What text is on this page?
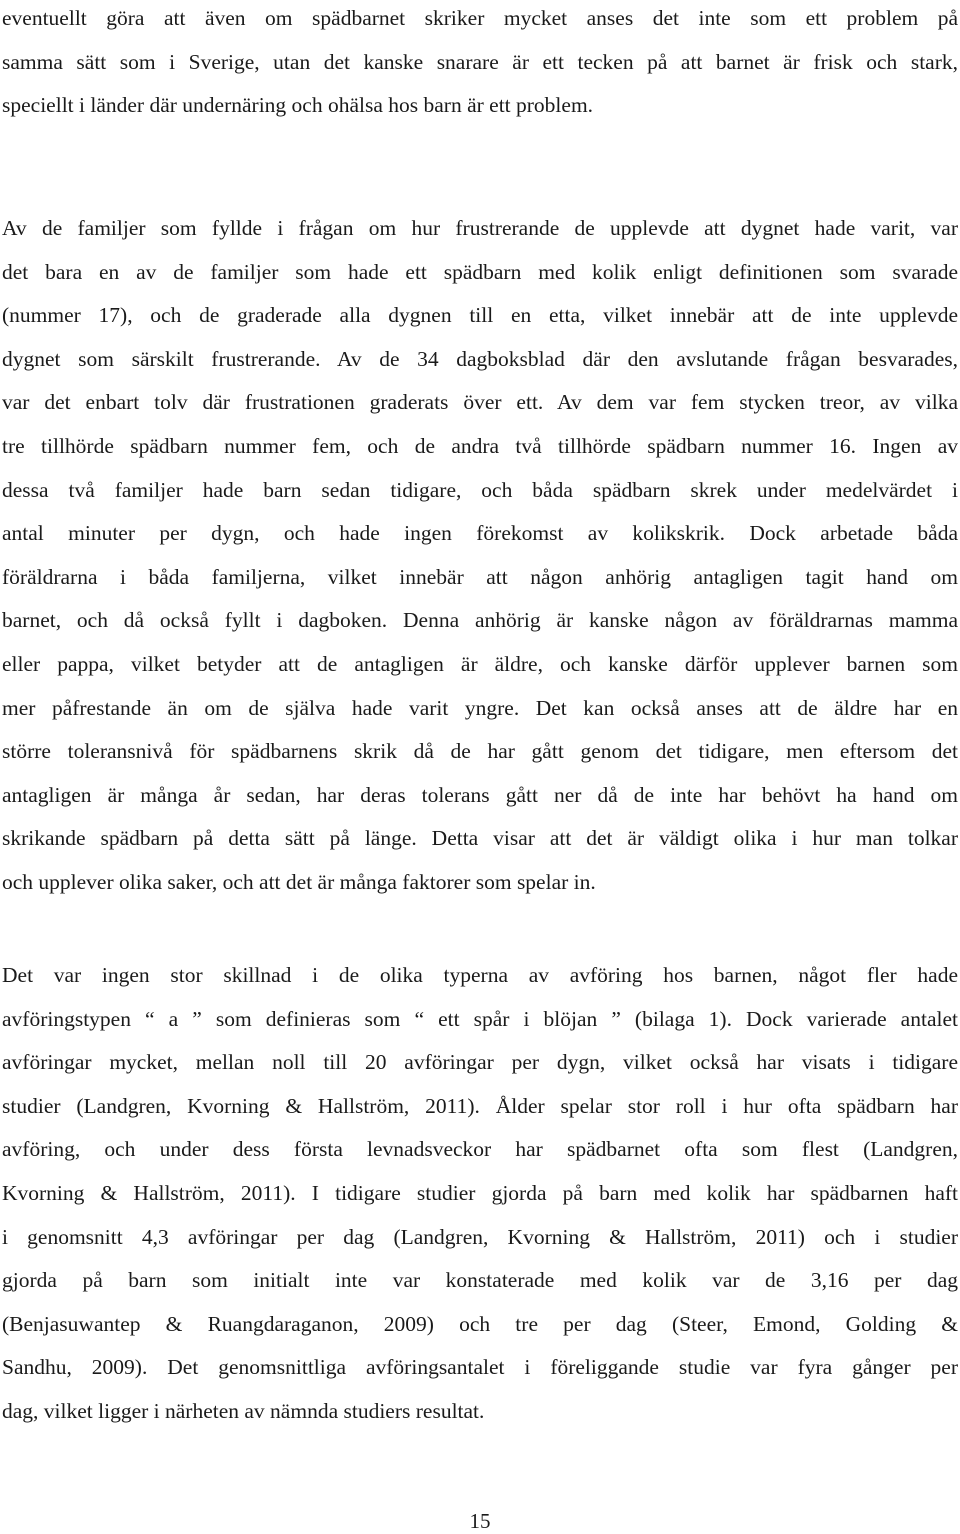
eventuellt göra att även om spädbarnet skriker mycket anses det inte som ett problem på
samma sätt som i Sverige, utan det kanske snarare är ett tecken på att barnet är frisk och stark,
speciellt i länder där undernäring och ohälsa hos barn är ett problem.
Av de familjer som fyllde i frågan om hur frustrerande de upplevde att dygnet hade varit, var
det bara en av de familjer som hade ett spädbarn med kolik enligt definitionen som svarade
(nummer 17), och de graderade alla dygnen till en etta, vilket innebär att de inte upplevde
dygnet som särskilt frustrerande. Av de 34 dagboksblad där den avslutande frågan besvarades,
var det enbart tolv där frustrationen graderats över ett. Av dem var fem stycken treor, av vilka
tre tillhörde spädbarn nummer fem, och de andra två tillhörde spädbarn nummer 16. Ingen av
dessa två familjer hade barn sedan tidigare, och båda spädbarn skrek under medelvärdet i
antal minuter per dygn, och hade ingen förekomst av kolikskrik. Dock arbetade båda
föräldrarna i båda familjerna, vilket innebär att någon anhörig antagligen tagit hand om
barnet, och då också fyllt i dagboken. Denna anhörig är kanske någon av föräldrarnas mamma
eller pappa, vilket betyder att de antagligen är äldre, och kanske därför upplever barnen som
mer påfrestande än om de själva hade varit yngre. Det kan också anses att de äldre har en
större toleransnivå för spädbarnens skrik då de har gått genom det tidigare, men eftersom det
antagligen är många år sedan, har deras tolerans gått ner då de inte har behövt ha hand om
skrikande spädbarn på detta sätt på länge. Detta visar att det är väldigt olika i hur man tolkar
och upplever olika saker, och att det är många faktorer som spelar in.
Det var ingen stor skillnad i de olika typerna av avföring hos barnen, något fler hade
avföringstypen “ a ” som definieras som “ ett spår i blöjan ” (bilaga 1). Dock varierade antalet
avföringar mycket, mellan noll till 20 avföringar per dygn, vilket också har visats i tidigare
studier (Landgren, Kvorning & Hallström, 2011). Ålder spelar stor roll i hur ofta spädbarn har
avföring, och under dess första levnadsveckor har spädbarnet ofta som flest (Landgren,
Kvorning & Hallström, 2011). I tidigare studier gjorda på barn med kolik har spädbarnen haft
i genomsnitt 4,3 avföringar per dag (Landgren, Kvorning & Hallström, 2011) och i studier
gjorda på barn som initialt inte var konstaterade med kolik var de 3,16 per dag
(Benjasuwantep & Ruangdaraganon, 2009) och tre per dag (Steer, Emond, Golding &
Sandhu, 2009). Det genomsnittliga avföringsantalet i föreliggande studie var fyra gånger per
dag, vilket ligger i närheten av nämnda studiers resultat.

15
